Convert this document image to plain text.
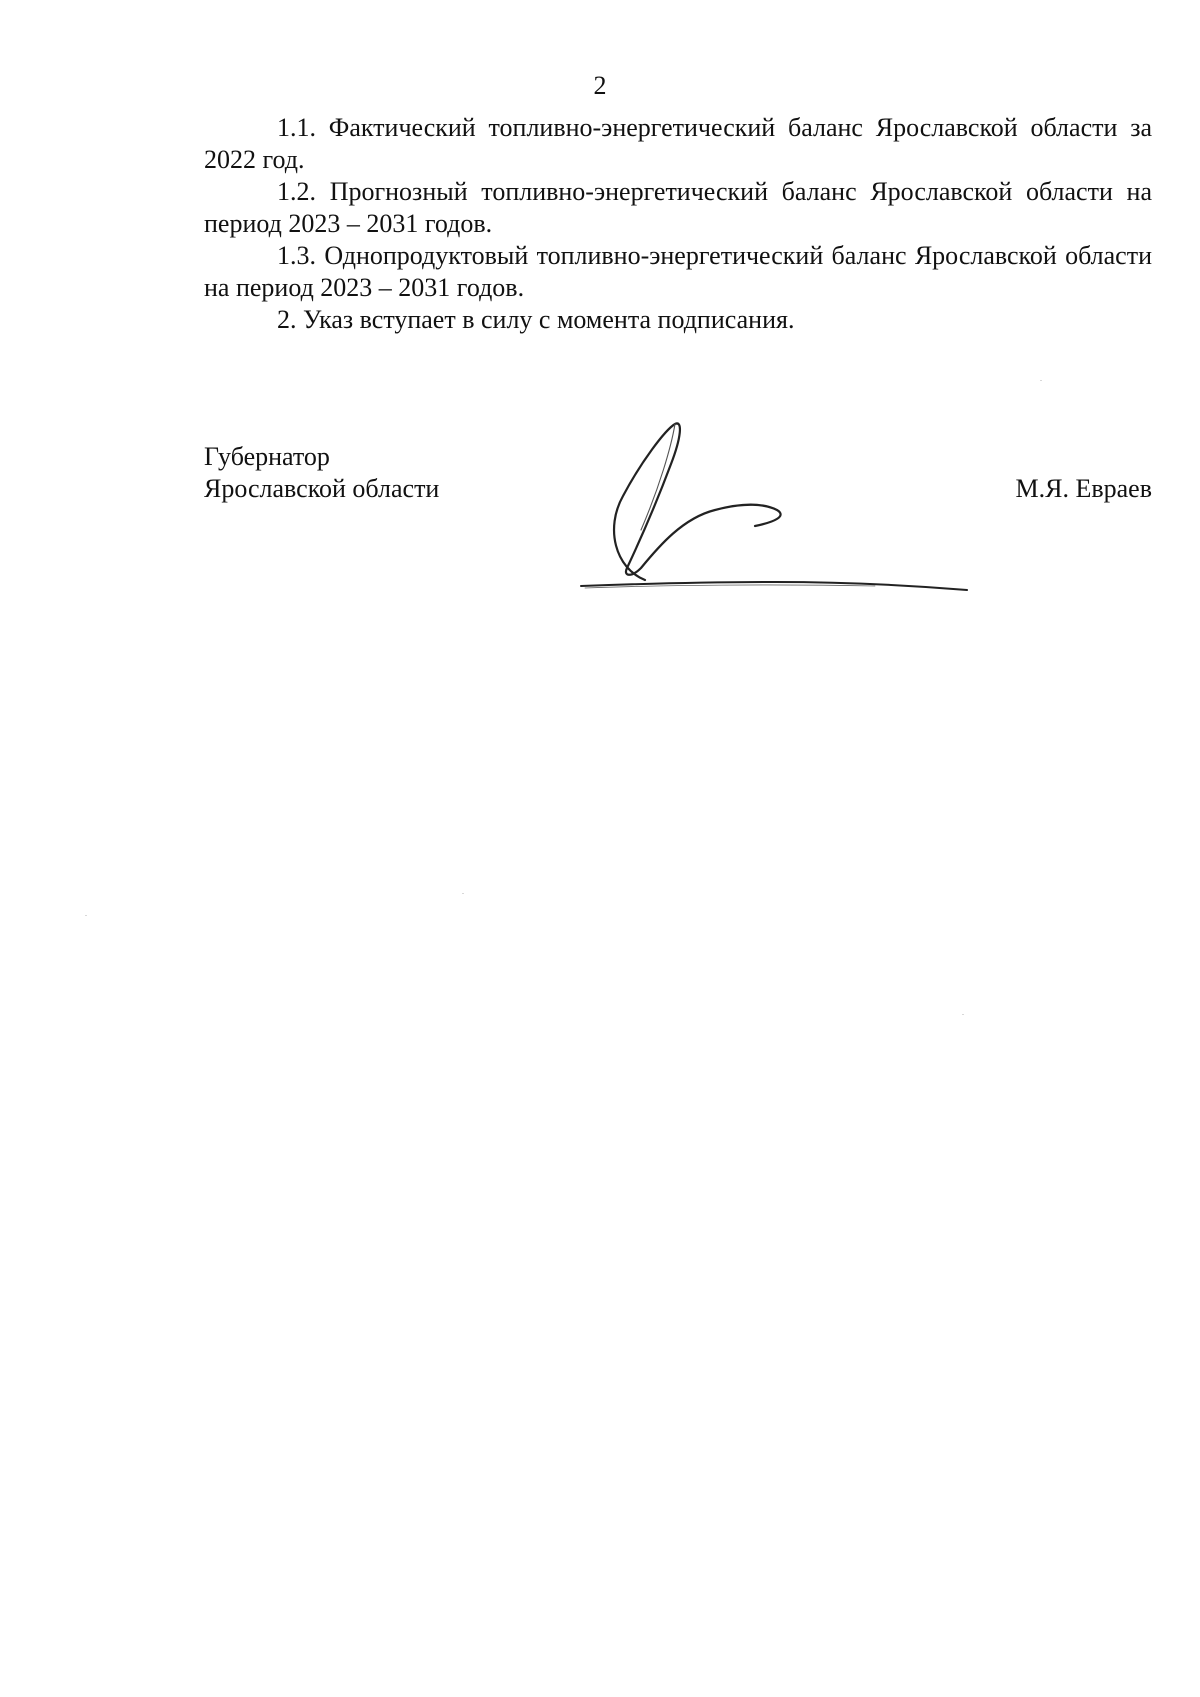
2

1.1. Фактический топливно-энергетический баланс Ярославской области за 2022 год.

1.2. Прогнозный топливно-энергетический баланс Ярославской области на период 2023 – 2031 годов.

1.3. Однопродуктовый топливно-энергетический баланс Ярославской области на период 2023 – 2031 годов.

2. Указ вступает в силу с момента подписания.

Губернатор
Ярославской области	М.Я. Евраев
